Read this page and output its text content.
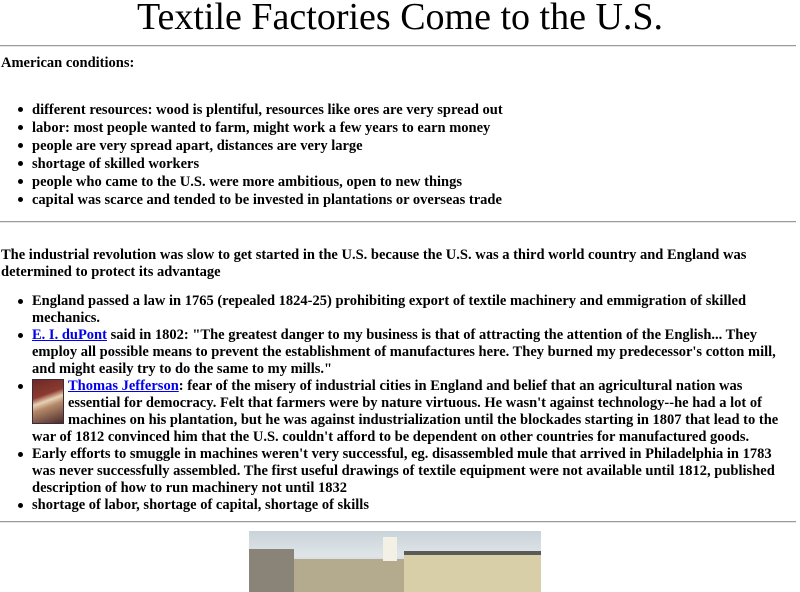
Textile Factories Come to the U.S.
American conditions:
different resources: wood is plentiful, resources like ores are very spread out
labor: most people wanted to farm, might work a few years to earn money
people are very spread apart, distances are very large
shortage of skilled workers
people who came to the U.S. were more ambitious, open to new things
capital was scarce and tended to be invested in plantations or overseas trade
The industrial revolution was slow to get started in the U.S. because the U.S. was a third world country and England was determined to protect its advantage
England passed a law in 1765 (repealed 1824-25) prohibiting export of textile machinery and emmigration of skilled mechanics.
E. I. duPont said in 1802: "The greatest danger to my business is that of attracting the attention of the English... They employ all possible means to prevent the establishment of manufactures here. They burned my predecessor's cotton mill, and might easily try to do the same to my mills."
Thomas Jefferson: fear of the misery of industrial cities in England and belief that an agricultural nation was essential for democracy. Felt that farmers were by nature virtuous. He wasn't against technology--he had a lot of machines on his plantation, but he was against industrialization until the blockades starting in 1807 that lead to the war of 1812 convinced him that the U.S. couldn't afford to be dependent on other countries for manufactured goods.
Early efforts to smuggle in machines weren't very successful, eg. disassembled mule that arrived in Philadelphia in 1783 was never successfully assembled. The first useful drawings of textile equipment were not available until 1812, published description of how to run machinery not until 1832
shortage of labor, shortage of capital, shortage of skills
